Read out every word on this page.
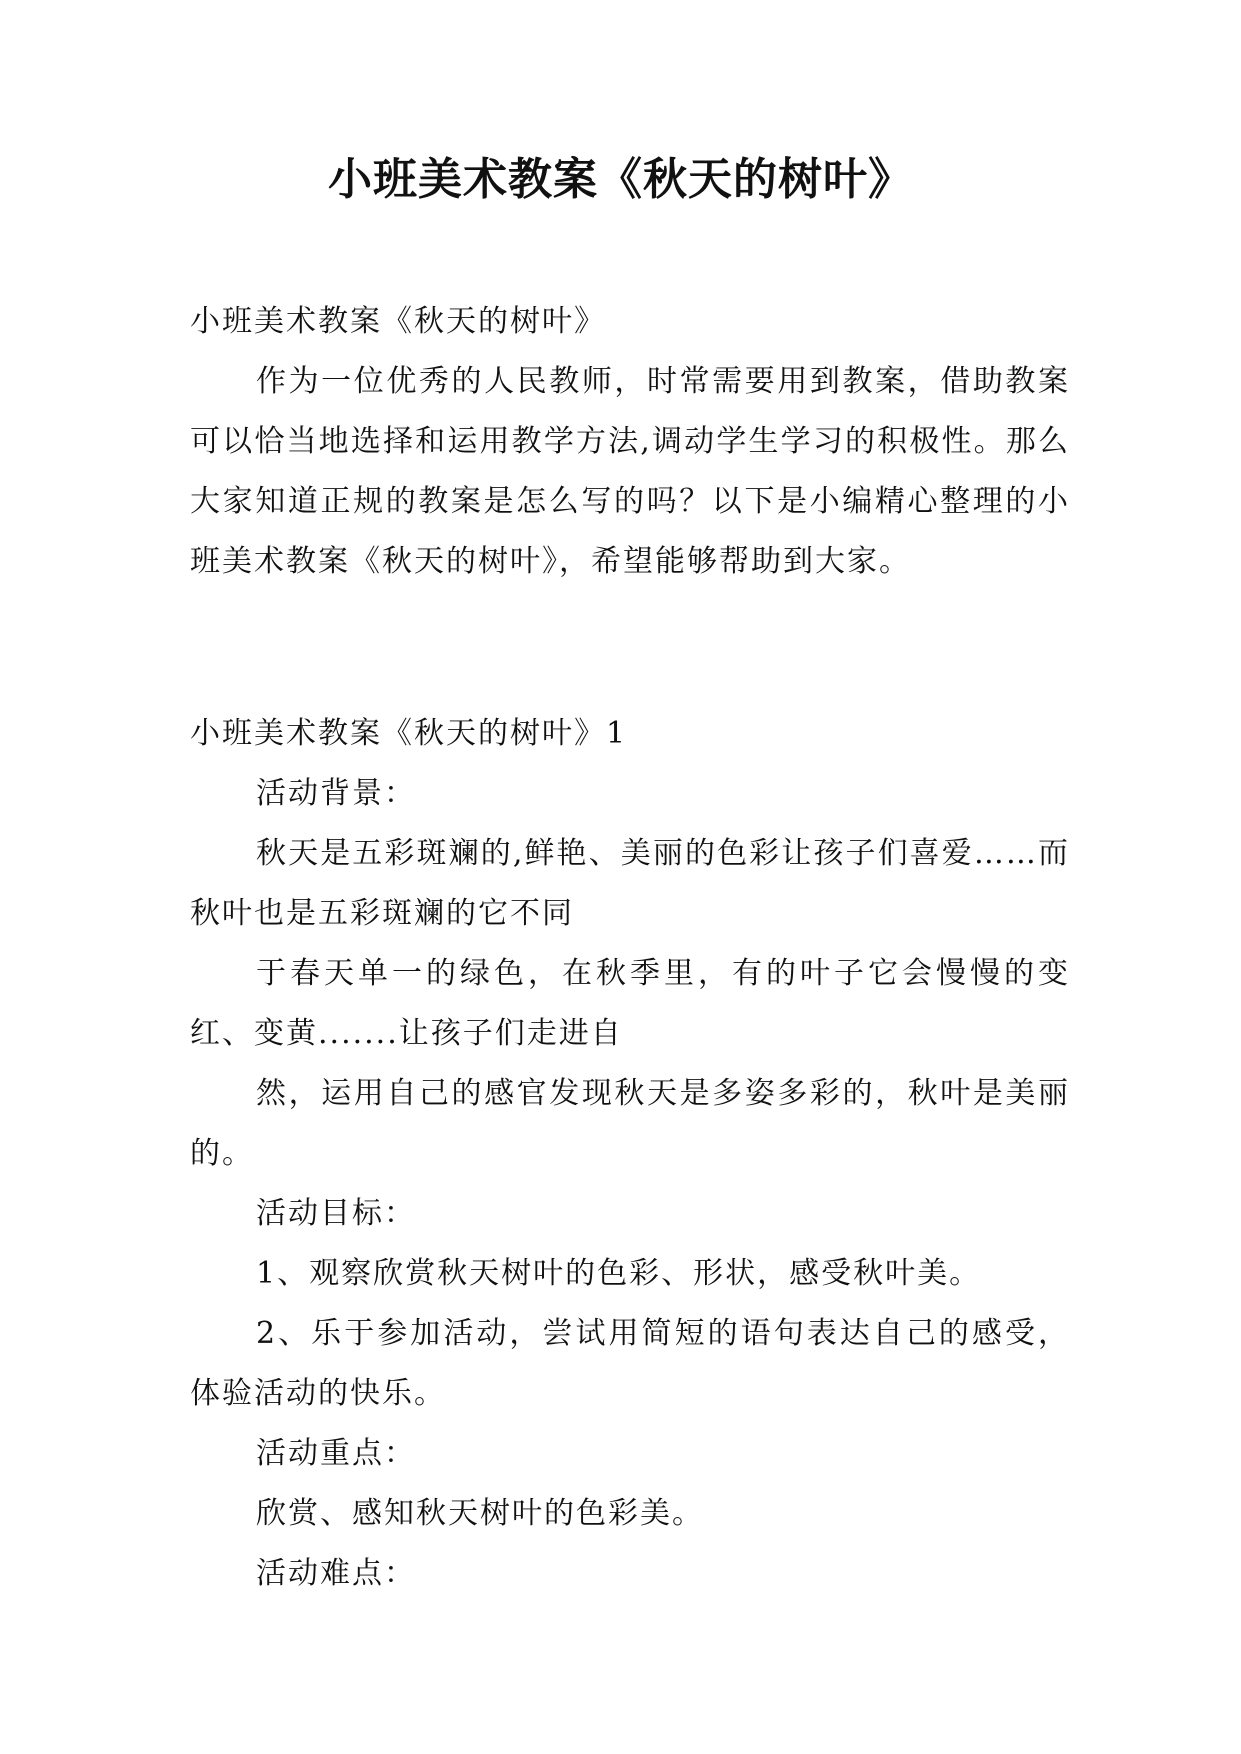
小班美术教案《秋天的树叶》

小班美术教案《秋天的树叶》

作为一位优秀的人民教师，时常需要用到教案，借助教案可以恰当地选择和运用教学方法,调动学生学习的积极性。那么大家知道正规的教案是怎么写的吗？以下是小编精心整理的小班美术教案《秋天的树叶》，希望能够帮助到大家。

小班美术教案《秋天的树叶》1

活动背景：

秋天是五彩斑斓的,鲜艳、美丽的色彩让孩子们喜爱……而秋叶也是五彩斑斓的它不同

于春天单一的绿色，在秋季里，有的叶子它会慢慢的变红、变黄.......让孩子们走进自

然，运用自己的感官发现秋天是多姿多彩的，秋叶是美丽的。

活动目标：

1、观察欣赏秋天树叶的色彩、形状，感受秋叶美。

2、乐于参加活动，尝试用简短的语句表达自己的感受，体验活动的快乐。

活动重点：

欣赏、感知秋天树叶的色彩美。

活动难点：
